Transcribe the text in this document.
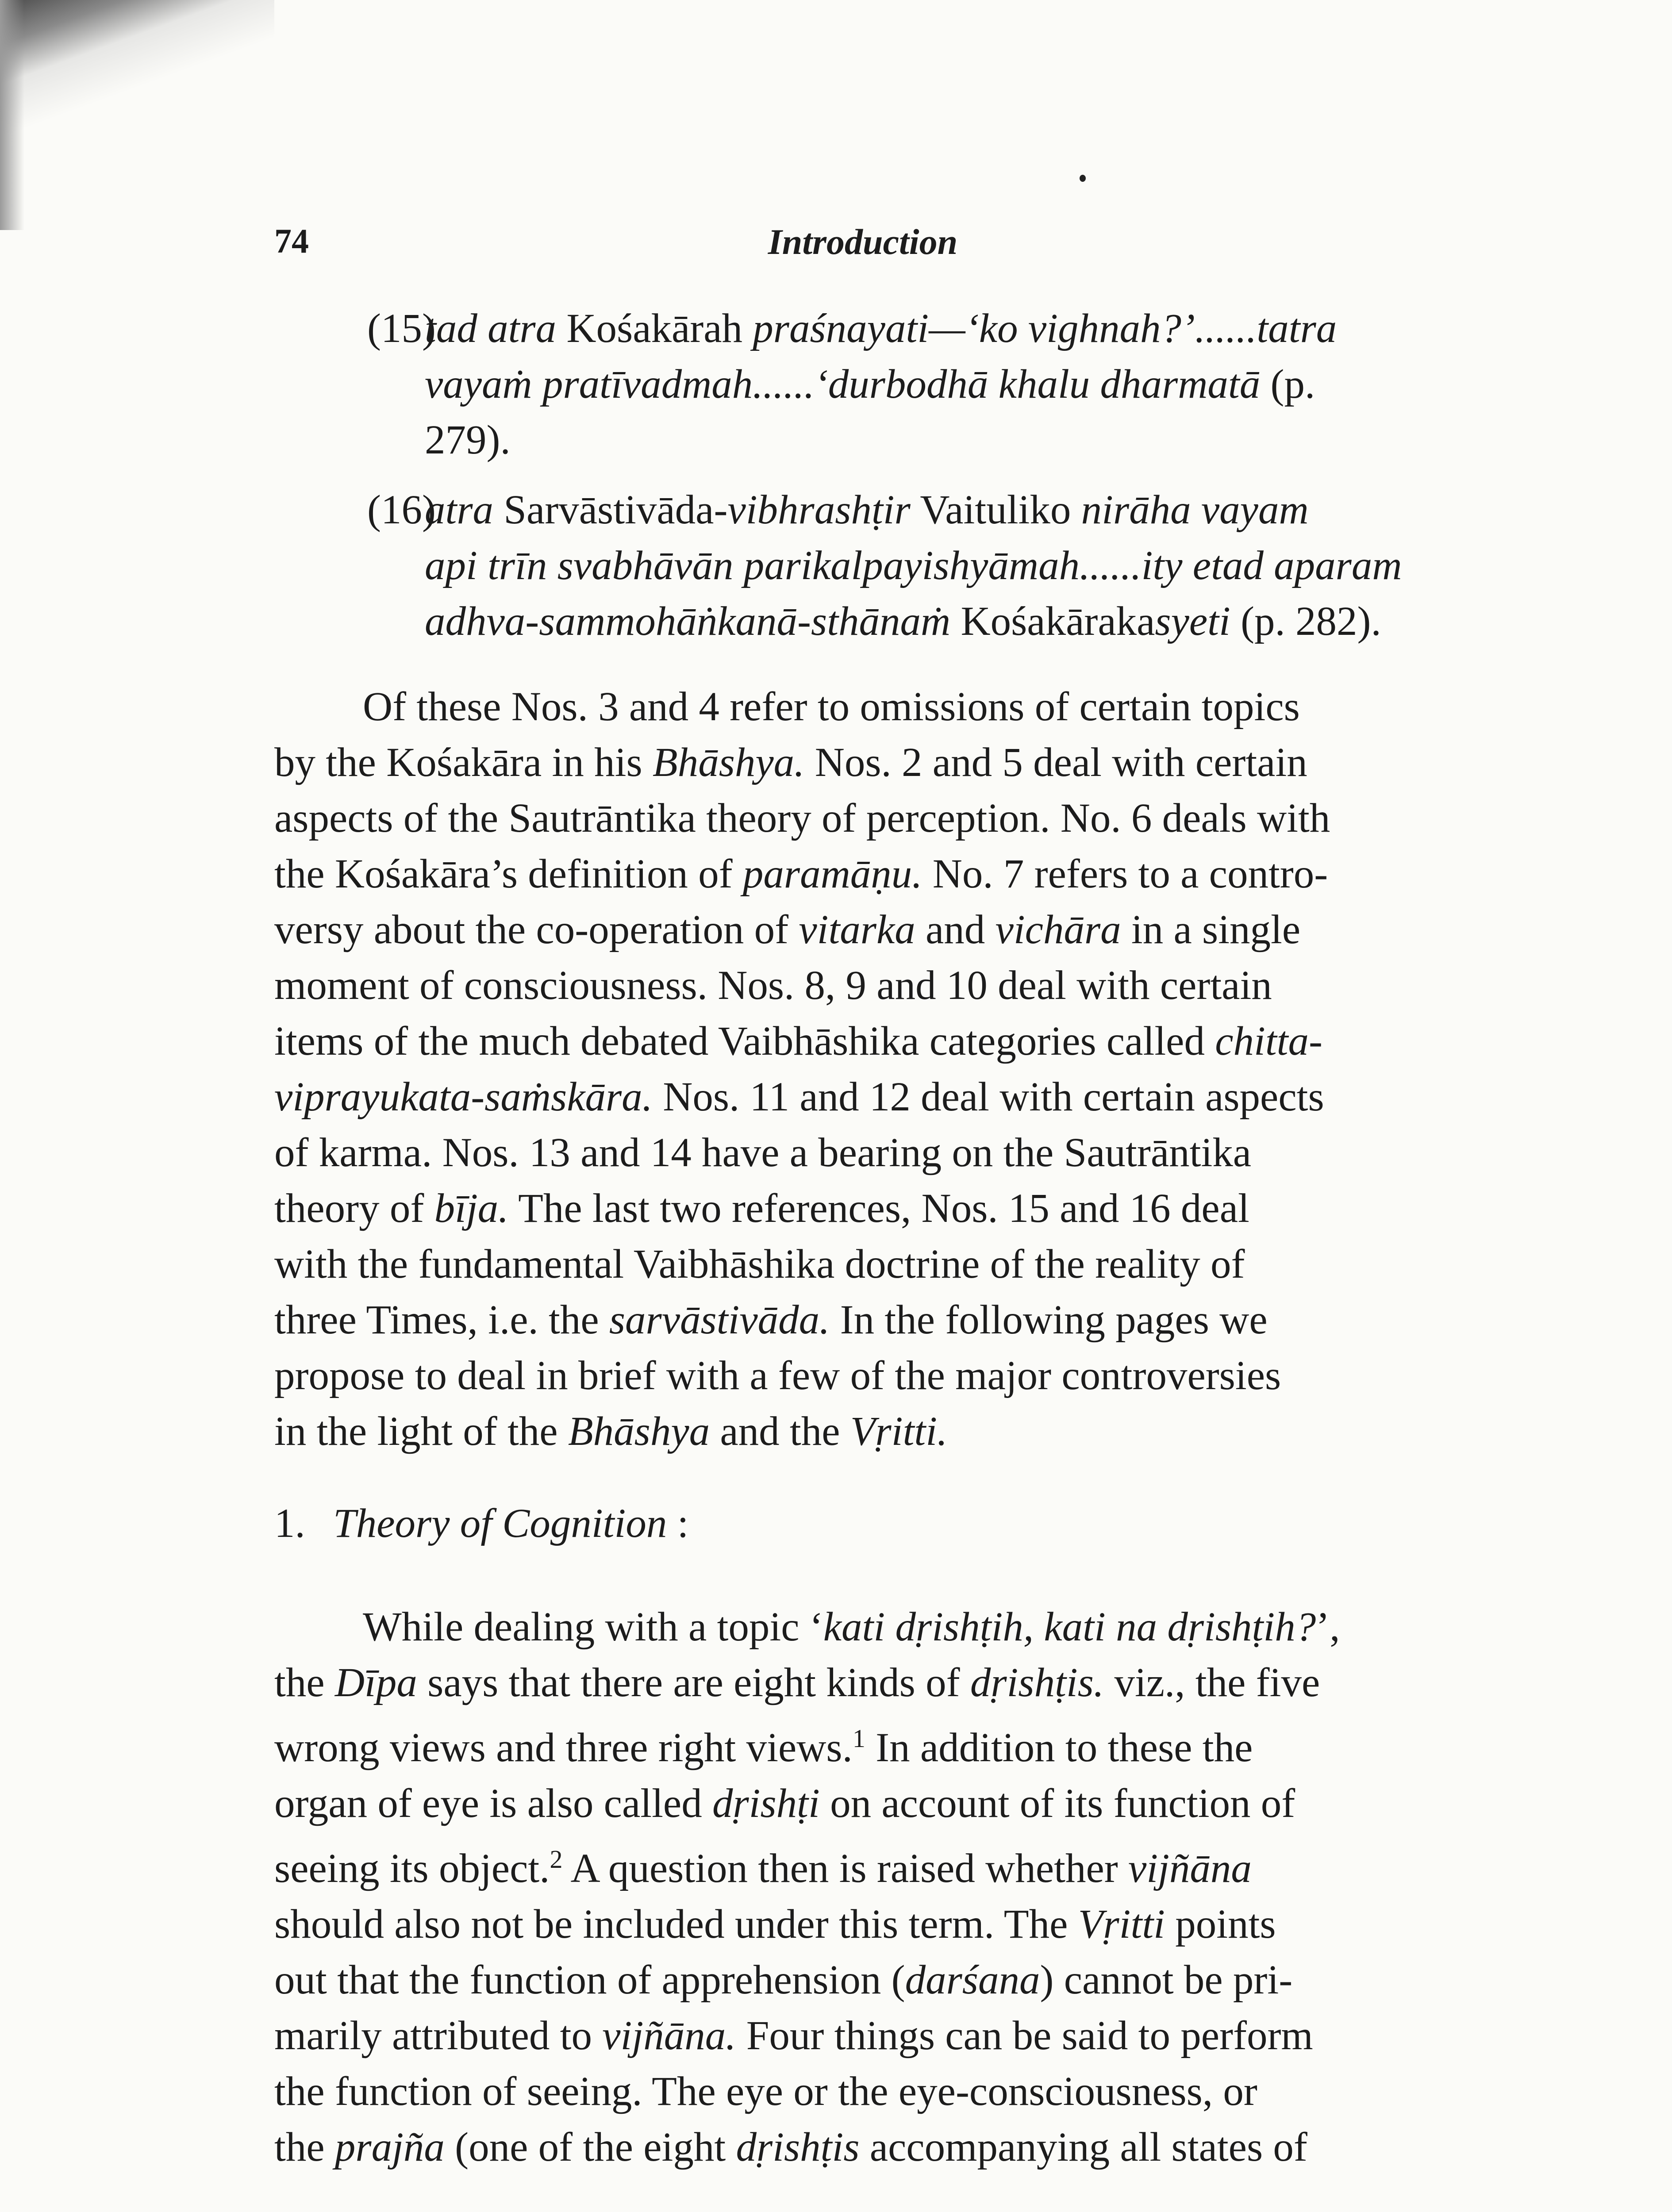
74	Introduction
(15)
tad atra Kośakārah praśnayati—‘ko vighnah?’......tatra
vayaṁ pratīvadmah......‘durbodhā khalu dharmatā (p.
279).
(16)
atra Sarvāstivāda-vibhrashṭir Vaituliko nirāha vayam
api trīn svabhāvān parikalpayishyāmah......ity etad aparam
adhva-sammohāṅkanā-sthānaṁ Kośakārakasyeti (p. 282).
Of these Nos. 3 and 4 refer to omissions of certain topics
by the Kośakāra in his Bhāshya. Nos. 2 and 5 deal with certain
aspects of the Sautrāntika theory of perception. No. 6 deals with
the Kośakāra’s definition of paramāṇu. No. 7 refers to a contro-
versy about the co-operation of vitarka and vichāra in a single
moment of consciousness. Nos. 8, 9 and 10 deal with certain
items of the much debated Vaibhāshika categories called chitta-
viprayukata-saṁskāra. Nos. 11 and 12 deal with certain aspects
of karma. Nos. 13 and 14 have a bearing on the Sautrāntika
theory of bīja. The last two references, Nos. 15 and 16 deal
with the fundamental Vaibhāshika doctrine of the reality of
three Times, i.e. the sarvāstivāda. In the following pages we
propose to deal in brief with a few of the major controversies
in the light of the Bhāshya and the Vṛitti.
1. Theory of Cognition :
While dealing with a topic ‘kati dṛishṭih, kati na dṛishṭih?’,
the Dīpa says that there are eight kinds of dṛishṭis. viz., the five
wrong views and three right views.$^1$ In addition to these the
organ of eye is also called dṛishṭi on account of its function of
seeing its object.$^2$ A question then is raised whether vijñāna
should also not be included under this term. The Vṛitti points
out that the function of apprehension (darśana) cannot be pri-
marily attributed to vijñāna. Four things can be said to perform
the function of seeing. The eye or the eye-consciousness, or
the prajña (one of the eight dṛishṭis accompanying all states of
